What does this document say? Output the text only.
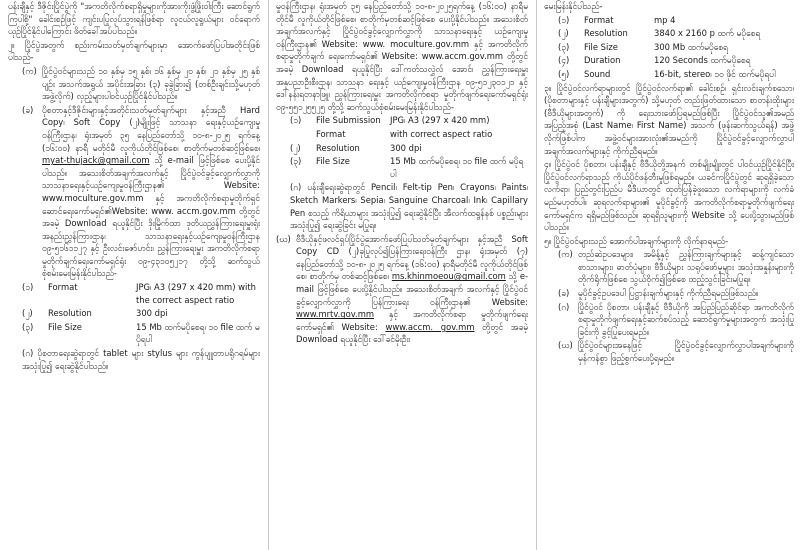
ပန်းချီနှင့် ဒီဇိုင်းပြိုင်ပွဲကို "အကတိလိုက်စရာရှိမှုများကိုအားကိုးဖွံ့ဖြိုးဝါးကြီး ဆောင်ရွက်ကြပါစို့" ခေါင်းစဉ်ဖြင့် ကျင်းပပြုလုပ်သွားရန်ဖြစ်ရာ လူငယ်လူရွယ်များ ဝင်ရောက်ယှဉ်ပြိုင်နိုင်ပါကြောင်း ဖိတ်ခေါ်အပ်ပါသည်။

၂။ ပြိုင်ပွဲအတွက် စည်းကမ်းသတ်မှတ်ချက်များမှာ အောက်ဖော်ပြပါအတိုင်းဖြစ်ပါသည်-

(က) ပြိုင်ပွဲဝင်များသည် ၁၀ နှစ်မှ ၁၅ နှစ်၊ ၁၆ နှစ်မှ ၂၀ နှစ်၊ ၂၁ နှစ်မှ ၂၅ နှစ်ပျဉ်း အသက်အရွယ် အပိုင်းအခြား (၃) ခုခွဲခြား၍ (တစ်ဦးချင်းသို့မဟုတ် အဖွဲ့လိုက်) လှည့်များပါဝင်ယှဉ်ပြိုင်နိုင်ပါသည်။
(ခ)	ပိုစတာနှင့်ဒီဇိုင်းများနှင့်အတိုင်းသတ်မှတ်ချက်များ နှင့်အညီ Hard Copy၊ Soft Copy (၂)မျိုးဖြင့် သာသနာ ရေးနှင့်ယဉ်ကျေးမှုဝန်ကြီးဌာန၊ ရုံးအမှတ် ၃၅ နေပြည်တော်သို့ ၁၀-၈-၂၀၂၅ ရက်နေ့ (၁၆:၀၀) နာရီ မတိုင်မီ လူကိုယ်တိုင်ဖြစ်စေ၊ စာတိုက်မှတစ်ဆင့်ဖြစ်စေ၊ myat-thujack@gmail.com သို့ e-mail ဖြင့်ဖြစ်စေ ပေးပို့နိုင်ပါသည်။ အသေးစိတ်အချက်အလက်နှင့် ပြိုင်ပွဲဝင်ခွင့်လျှောက်လွှာကို သာသနာရေးနှင့်ယဉ်ကျေးမှုဝန်ကြီးဌာန၏ Website: www.moculture.gov.mm နှင့် အကတိလိုက်စရာမှုတိုက်ရှင်ဆောင်ရေးကော်မရှင်၏Website: www. accm.gov.mm တို့တွင် အခမဲ့ Download ရယူနိုင်ပြီး ဒိုးမြိုက်ထာ ဒုတိယညွှန်ကြားရေးမှူးရုံးအနည်းညွှန်ကြားဌာန၊ သာသနာရေးနှင့်ယဉ်ကျေးမှုဝန်ကြီးဌာန ၀၉-၅၁၆၁၁၂၇ နှင့် ဦးလင်းဇော်ဟင်း၊ ညွှန်ကြားရေးမှူး အကတိလိုက်စရာမှုတိုက်ချက်ရေးကော်မရှင်ရုံး ၀၉-၄၃၁၀၅၂၁၇ တို့သို့ ဆက်သွယ်စုံစမ်းမေးမြန်းနိုင်ပါသည်-
(၁)	Format	JPG၊ A3 (297 x 420 mm) with the correct aspect ratio
(၂)	Resolution	300 dpi
(၃)	File Size	15 Mb ထက်မပိုစေရ၊ ၁၀ file ထက် မပိုရပါ

(ဂ) ပိုစတာရေးဆွဲရာတွင် tablet များ stylus များ ကွန်ပျူတာပရိုဂရမ်များ အသုံးပြု၍ ရေးဆွဲနိုင်ပါသည်။

မှုဝန်ကြီးဌာန၊ ရုံးအမှတ် ၃၅ နေပြည်တော်သို့ ၁၀-၈-၂၀၂၅ရက်နေ့ (၁၆:၀၀) နာရီမတိုင်မီ လူကိုယ်တိုင်ဖြစ်စေ၊ စာတိုက်မှတစ်ဆင့်ဖြစ်စေ ပေးပို့နိုင်ပါသည်။ အသေးစိတ် အချက်အလက်နှင့် ပြိုင်ပွဲဝင်ခွင့်လျှောက်လွှာကို သာသနာရေးနှင့် ယဉ်ကျေးမှုဝန်ကြီးဌာန၏ Website: www. moculture.gov.mm နှင့် အကတိလိုက်စရာမှုတိုက်ချက် ရေးကော်မရှင်၏ Website: www.accm.gov.mm တို့တွင် အခမဲ့ Download ရယူနိုင်ပြီး ဒေါ်ကတ်သလွှဲလ် အောင်၊ ညွှန်ကြားရေးမှူး အနုပညာဦးစီးဌာန၊ သာသနာ ရေးနှင့် ယဉ်ကျေးမှုဝန်ကြီးဌာန ၀၉-၅၁၂၃၀၁၂၁ နှင့် ဒေါ်နန်းရတနာဖြူ၊ ညွှန်ကြားရေးမှူး အကတိလိုက်စရာ မှုတိုက်ဖျက်ရေးကော်မရှင်ရုံး ၀၉-၅၅၁၂၅၅၂၅ တို့သို့ ဆက်သွယ်စုံစမ်းမေးမြန်းနိုင်ပါသည်-

(၁)	File Submission	JPG၊ A3 (297 x 420 mm)
Format	with correct aspect ratio
(၂)	Resolution	300 dpi
(၃)	File Size	15 Mb ထက်မပိုစေရ၊ ၁၀ file ထက် မပိုရပါ

(ဂ) ပန်းချီရေးဆွဲရာတွင် Pencil၊ Felt-tip Pen၊ Crayons၊ Paints၊ Sketch Markers၊ Sepia၊ Sanguine Charcoal၊ Ink၊ Capillary Pen စသည့် ကိရိယာများ အသုံးပြု၍ ရေးဆွဲနိုင်ပြီး အီလက်ထရွန်နစ် ပစ္စည်းများ အသုံးပြု၍ ရေးဆွဲခြင်း မပြုရ။

(ဃ) ဗီဒီယိုနှင့်ဖလင်ရှပ်ပြိုင်ပွဲအောက်ဖော်ပြပါသတ်မှတ်ချက်များ နှင့်အညီ Soft Copy CD (၂)ခုပြုလုပ်၍ပြန်ကြားရေးဝန်ကြီး ဌာန၊ ရုံးအမှတ် (၇) နေပြည်တော်သို့ ၁၀-၈-၂၀၂၅ ရက်နေ့ (၁၆:၀၀) နာရီမတိုင်မီ လူကိုယ်တိုင်ဖြစ်စေ၊ စာတိုက်မှ တစ်ဆင့်ဖြစ်စေ၊ ms.khinmoeou@gmail.com သို့ e-mail ဖြင့်ဖြစ်စေ ပေးပို့နိုင်ပါသည်။ အသေးစိတ်အချက် အလက်နှင့် ပြိုင်ပွဲဝင်ခွင့်လျှောက်လွှာကို ပြန်ကြားရေး ဝန်ကြီးဌာန၏ Website: www.mrtv.gov.mm နှင့် အကတိလိုက်စရာ မှုတိုက်ဖျက်ရေးကော်မရှင်၏ Website: www.accm. gov.mm တို့တွင် အခမဲ့ Download ရယူနိုင်ပြီး ဒေါ်ခင်မိုးဦး၊

မေးမြန်းနိုင်ပါသည်-

(၁)	Format	mp 4
(၂)	Resolution	3840 x 2160 p ထက် မပိုစေရ
(၃)	File Size	300 Mb ထက်မပိုစေရ
(၄)	Duration	120 Seconds ထက်မပိုစေရ
(၅)	Sound	16-bit, stereo၊ ၁၀ ဖိုင် ထက်မပိုရပါ

၃။ ပြိုင်ပွဲဝင်လက်ရာများတွင် ပြိုင်ပွဲဝင်လက်ရာ၏ ခေါင်းစဉ်၊ ရှင်းလင်းချက်စသော၊ (ပိုစတာများနှင့် ပန်းချီများအတွက်) သို့မဟုတ် တည်းဖြတ်ထားသော စာတန်းထိုးများ (ဗီဒီယိုများအတွက်) ကို ရေးသားဖော်ပြရမည်ဖြစ်ပြီး ပြိုင်ပွဲဝင်သူ၏အမည်အပြည့်အစုံ (Last Name၊ First Name) အသက် (ဖုန်းဆက်သွယ်ရန်) အဖွဲ့လိုက်ဖြစ်ပါက အဖွဲ့ဝင်များအားလုံး၏အမည်ကို ပြိုင်ပွဲဝင်ခွင့်လျှောက်လွှာပါအချက်အလက်များနှင့် ကိုက်ညီရမည်။

၄။ ပြိုင်ပွဲဝင် ပိုစတာ၊ ပန်းချီနှင့် ဗီဒီယိုတို့အနက် တစ်မျိုးမျိုးတွင် ပါဝင်ယှဉ်ပြိုင်နိုင်ပြီး ပြိုင်ပွဲဝင်လက်ရာသည် ကိုယ်ပိုင်ဖန်တီးမှုဖြစ်ရမည်။ ယခင်ကပြိုင်ပွဲတွင် ဆုရရှိခဲ့သော လက်ရာ၊ ပြည်တွင်းပြည်ပ မီဒီယာတွင် ထုတ်ပြန်ခဲ့ဖူးသော လက်ရာများကို လက်ခံမည်မဟုတ်ပါ။ ဆုရလက်ရာများ၏ မူပိုင်ခွင့်ကို အကတိလိုက်စရာမှုတိုက်ဖျက်ရေး ကော်မရှင်က ရရှိမည်ဖြစ်သည်။ ဆုရရှိသူများကို Website သို့ ပေးပို့သွားမည်ဖြစ်ပါသည်။

၅။ ပြိုင်ပွဲဝင်များသည် အောက်ပါအချက်များကို လိုက်နာရမည်-

(က) တည်ဆဲဥပဒေများ၊ အမိန့်နှင့် ညွှန်ကြားချက်များနှင့် ဆန့်ကျင်သော စာသားများ၊ ဓာတ်ပုံများ၊ ဗီဒီယိုများ သရုပ်ဖော်မှုများ အသုံးအနှုန်းများကို တိုက်ရိုက်ဖြစ်စေ သွယ်ဝိုက်၍ဖြစ်စေ ထည့်သွင်းခြင်းမပြုရ။
(ခ)	မူပိုင်ခွင့်ဥပဒေပါ ပြဋ္ဌာန်းချက်များနှင့် ကိုက်ညီရမည်ဖြစ်သည်။
(ဂ)	ပြိုင်ပွဲဝင် ပိုစတာ၊ ပန်းချီနှင့် ဗီဒီယိုကို အပြည်ပြည်ဆိုင်ရာ အကတိလိုက်စရာမှုတိုက်ဖျက်ရေးနှင့်ဆက်စပ်သည့် ဆောင်ရွက်မှုများအတွက် အသုံးပြုခြင်းကို ခွင့်ပြုပေးရမည်။
(ဃ) ပြိုင်ပွဲဝင်များအနေဖြင့် ပြိုင်ပွဲဝင်ခွင့်လျှောက်လွှာပါအချက်များကို မှန်ကန်စွာ ဖြည့်စွက်ပေးပို့ရမည်။
